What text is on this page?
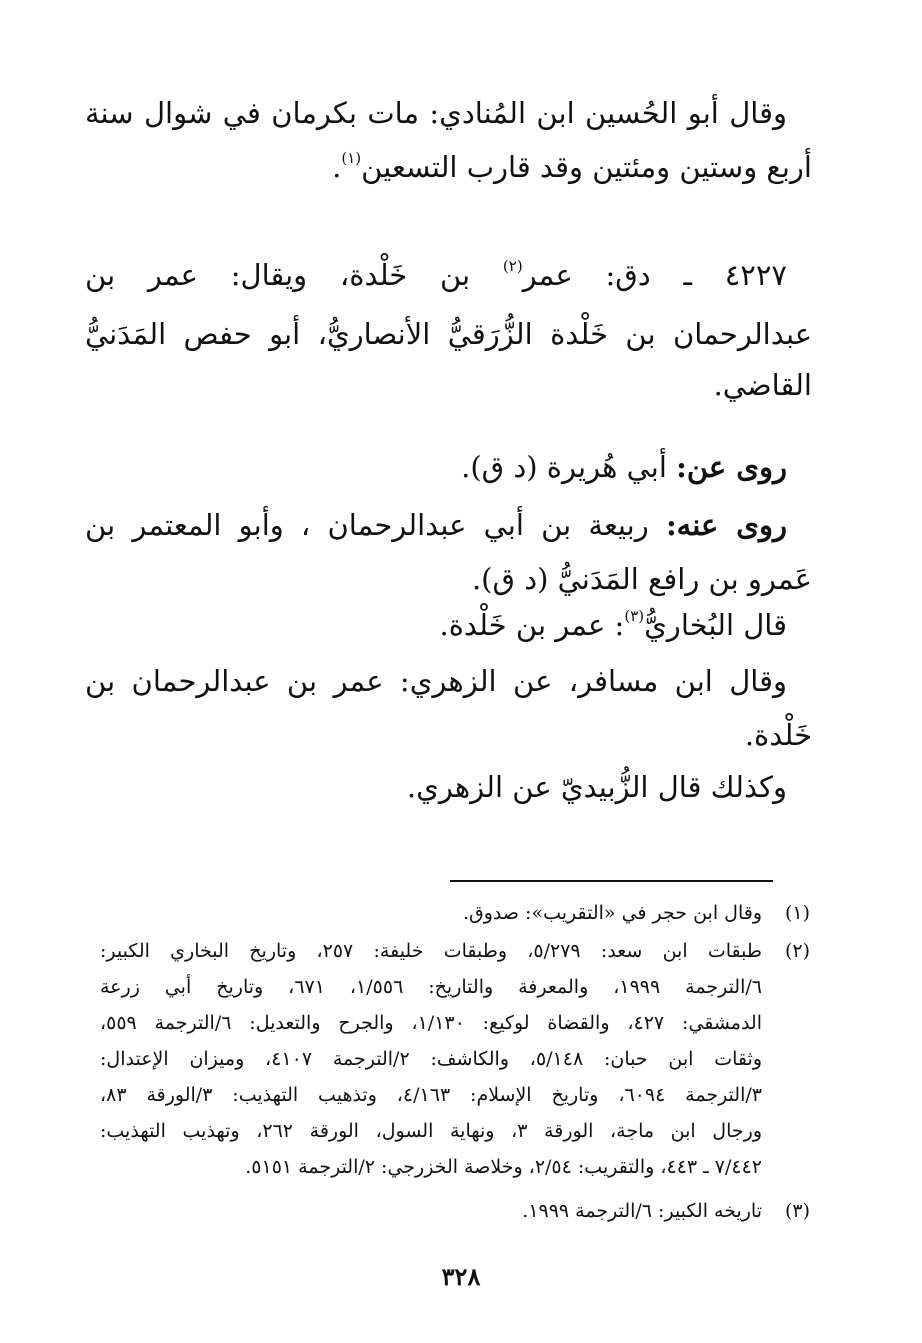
وقال أبو الحُسين ابن المُنادي: مات بكرمان في شوال سنة
أربع وستين ومئتين وقد قارب التسعين$^{(١)}$.
٤٢٢٧ ـ دق: عمر$^{(٢)}$ بن خَلْدة، ويقال: عمر بن
عبدالرحمان بن خَلْدة الزُّرَقيُّ الأنصاريُّ، أبو حفص المَدَنيُّ
القاضي.
روى عن: أبي هُريرة (د ق).
روى عنه: ربيعة بن أبي عبدالرحمان ، وأبو المعتمر بن
عَمرو بن رافع المَدَنيُّ (د ق).
قال البُخاريُّ$^{(٣)}$: عمر بن خَلْدة.
وقال ابن مسافر، عن الزهري: عمر بن عبدالرحمان بن
خَلْدة.
وكذلك قال الزُّبيديّ عن الزهري.
(١)
وقال ابن حجر في «التقريب»: صدوق.
(٢)
طبقات ابن سعد: ٥/٢٧٩، وطبقات خليفة: ٢٥٧، وتاريخ البخاري الكبير:
٦/الترجمة ١٩٩٩، والمعرفة والتاريخ: ١/٥٥٦، ٦٧١، وتاريخ أبي زرعة
الدمشقي: ٤٢٧، والقضاة لوكيع: ١/١٣٠، والجرح والتعديل: ٦/الترجمة ٥٥٩،
وثقات ابن حبان: ٥/١٤٨، والكاشف: ٢/الترجمة ٤١٠٧، وميزان الإعتدال:
٣/الترجمة ٦٠٩٤، وتاريخ الإسلام: ٤/١٦٣، وتذهيب التهذيب: ٣/الورقة ٨٣،
ورجال ابن ماجة، الورقة ٣، ونهاية السول، الورقة ٢٦٢، وتهذيب التهذيب:
٧/٤٤٢ ـ ٤٤٣، والتقريب: ٢/٥٤، وخلاصة الخزرجي: ٢/الترجمة ٥١٥١.
(٣)
تاريخه الكبير: ٦/الترجمة ١٩٩٩.
٣٢٨
